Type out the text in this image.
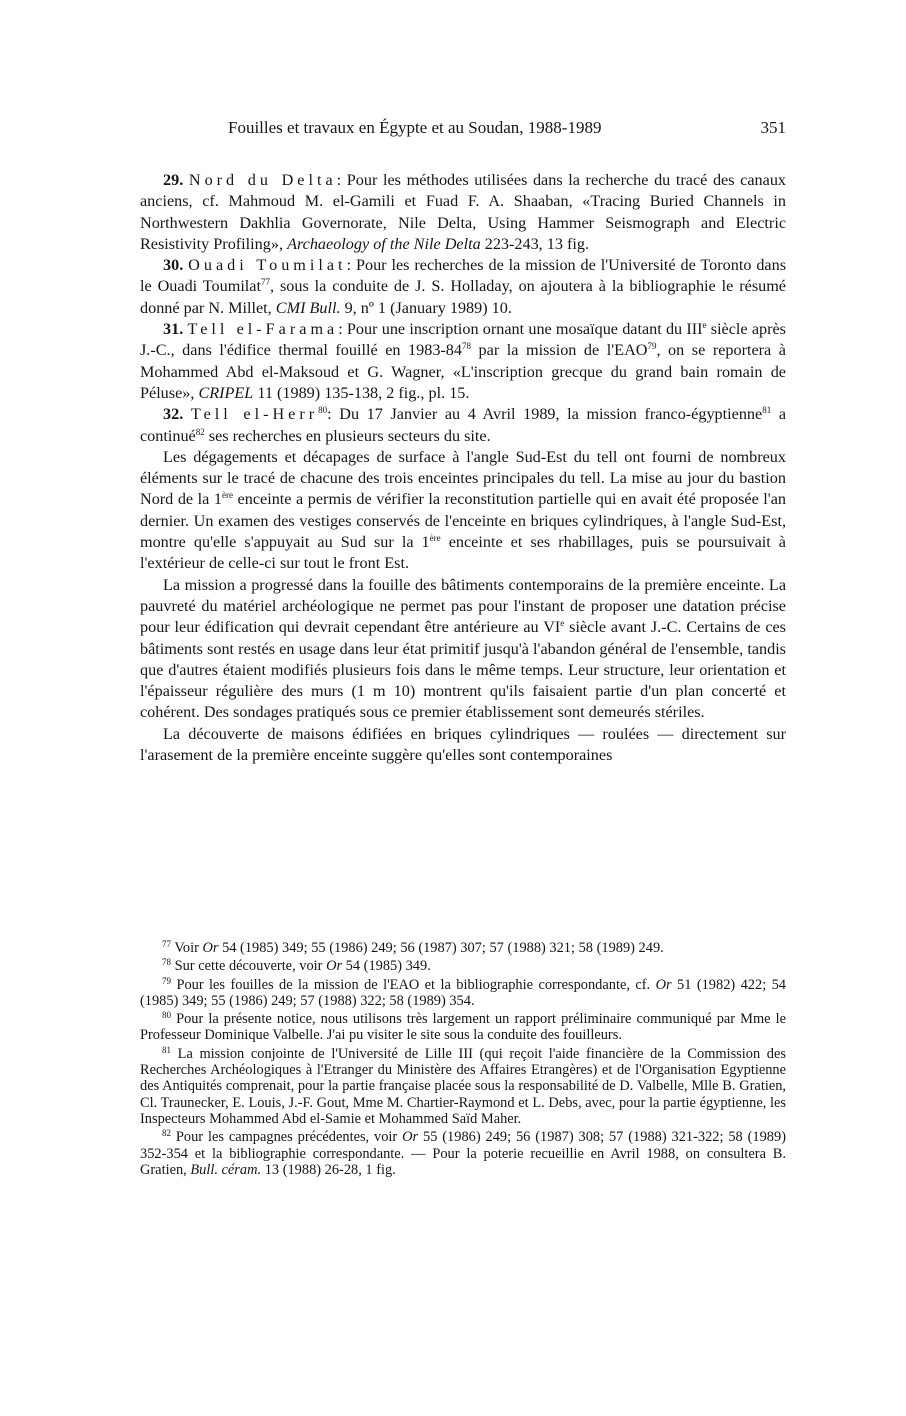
Fouilles et travaux en Égypte et au Soudan, 1988-1989	351

29. Nord du Delta: Pour les méthodes utilisées dans la recherche du tracé des canaux anciens, cf. Mahmoud M. el-Gamili et Fuad F. A. Shaaban, «Tracing Buried Channels in Northwestern Dakhlia Governorate, Nile Delta, Using Hammer Seismograph and Electric Resistivity Profiling», Archaeology of the Nile Delta 223-243, 13 fig.

30. Ouadi Toumilat: Pour les recherches de la mission de l'Université de Toronto dans le Ouadi Toumilat$^{77}$, sous la conduite de J. S. Holladay, on ajoutera à la bibliographie le résumé donné par N. Millet, CMI Bull. 9, nº 1 (January 1989) 10.

31. Tell el-Farama: Pour une inscription ornant une mosaïque datant du IIIe siècle après J.-C., dans l'édifice thermal fouillé en $1983-84^{78}$ par la mission de l'EAO$^{79}$, on se reportera à Mohammed Abd el-Maksoud et G. Wagner, «L'inscription grecque du grand bain romain de Péluse», CRIPEL 11 (1989) 135-138, 2 fig., pl. 15.

32. Tell el-Herr$^{80}$: Du 17 Janvier au 4 Avril 1989, la mission franco-égyptienne$^{81}$ a continué$^{82}$ ses recherches en plusieurs secteurs du site.

Les dégagements et décapages de surface à l'angle Sud-Est du tell ont fourni de nombreux éléments sur le tracé de chacune des trois enceintes principales du tell. La mise au jour du bastion Nord de la 1ère enceinte a permis de vérifier la reconstitution partielle qui en avait été proposée l'an dernier. Un examen des vestiges conservés de l'enceinte en briques cylindriques, à l'angle Sud-Est, montre qu'elle s'appuyait au Sud sur la 1ère enceinte et ses rhabillages, puis se poursuivait à l'extérieur de celle-ci sur tout le front Est.

La mission a progressé dans la fouille des bâtiments contemporains de la première enceinte. La pauvreté du matériel archéologique ne permet pas pour l'instant de proposer une datation précise pour leur édification qui devrait cependant être antérieure au VIe siècle avant J.-C. Certains de ces bâtiments sont restés en usage dans leur état primitif jusqu'à l'abandon général de l'ensemble, tandis que d'autres étaient modifiés plusieurs fois dans le même temps. Leur structure, leur orientation et l'épaisseur régulière des murs (1 m 10) montrent qu'ils faisaient partie d'un plan concerté et cohérent. Des sondages pratiqués sous ce premier établissement sont demeurés stériles.

La découverte de maisons édifiées en briques cylindriques — roulées — directement sur l'arasement de la première enceinte suggère qu'elles sont contemporaines

$^{77}$ Voir Or 54 (1985) 349; 55 (1986) 249; 56 (1987) 307; 57 (1988) 321; 58 (1989) 249.

$^{78}$ Sur cette découverte, voir Or 54 (1985) 349.

$^{79}$ Pour les fouilles de la mission de l'EAO et la bibliographie correspondante, cf. Or 51 (1982) 422; 54 (1985) 349; 55 (1986) 249; 57 (1988) 322; 58 (1989) 354.

$^{80}$ Pour la présente notice, nous utilisons très largement un rapport préliminaire communiqué par Mme le Professeur Dominique Valbelle. J'ai pu visiter le site sous la conduite des fouilleurs.

$^{81}$ La mission conjointe de l'Université de Lille III (qui reçoit l'aide financière de la Commission des Recherches Archéologiques à l'Etranger du Ministère des Affaires Etrangères) et de l'Organisation Egyptienne des Antiquités comprenait, pour la partie française placée sous la responsabilité de D. Valbelle, Mlle B. Gratien, Cl. Traunecker, E. Louis, J.-F. Gout, Mme M. Chartier-Raymond et L. Debs, avec, pour la partie égyptienne, les Inspecteurs Mohammed Abd el-Samie et Mohammed Saïd Maher.

$^{82}$ Pour les campagnes précédentes, voir Or 55 (1986) 249; 56 (1987) 308; 57 (1988) 321-322; 58 (1989) 352-354 et la bibliographie correspondante. — Pour la poterie recueillie en Avril 1988, on consultera B. Gratien, Bull. céram. 13 (1988) 26-28, 1 fig.
